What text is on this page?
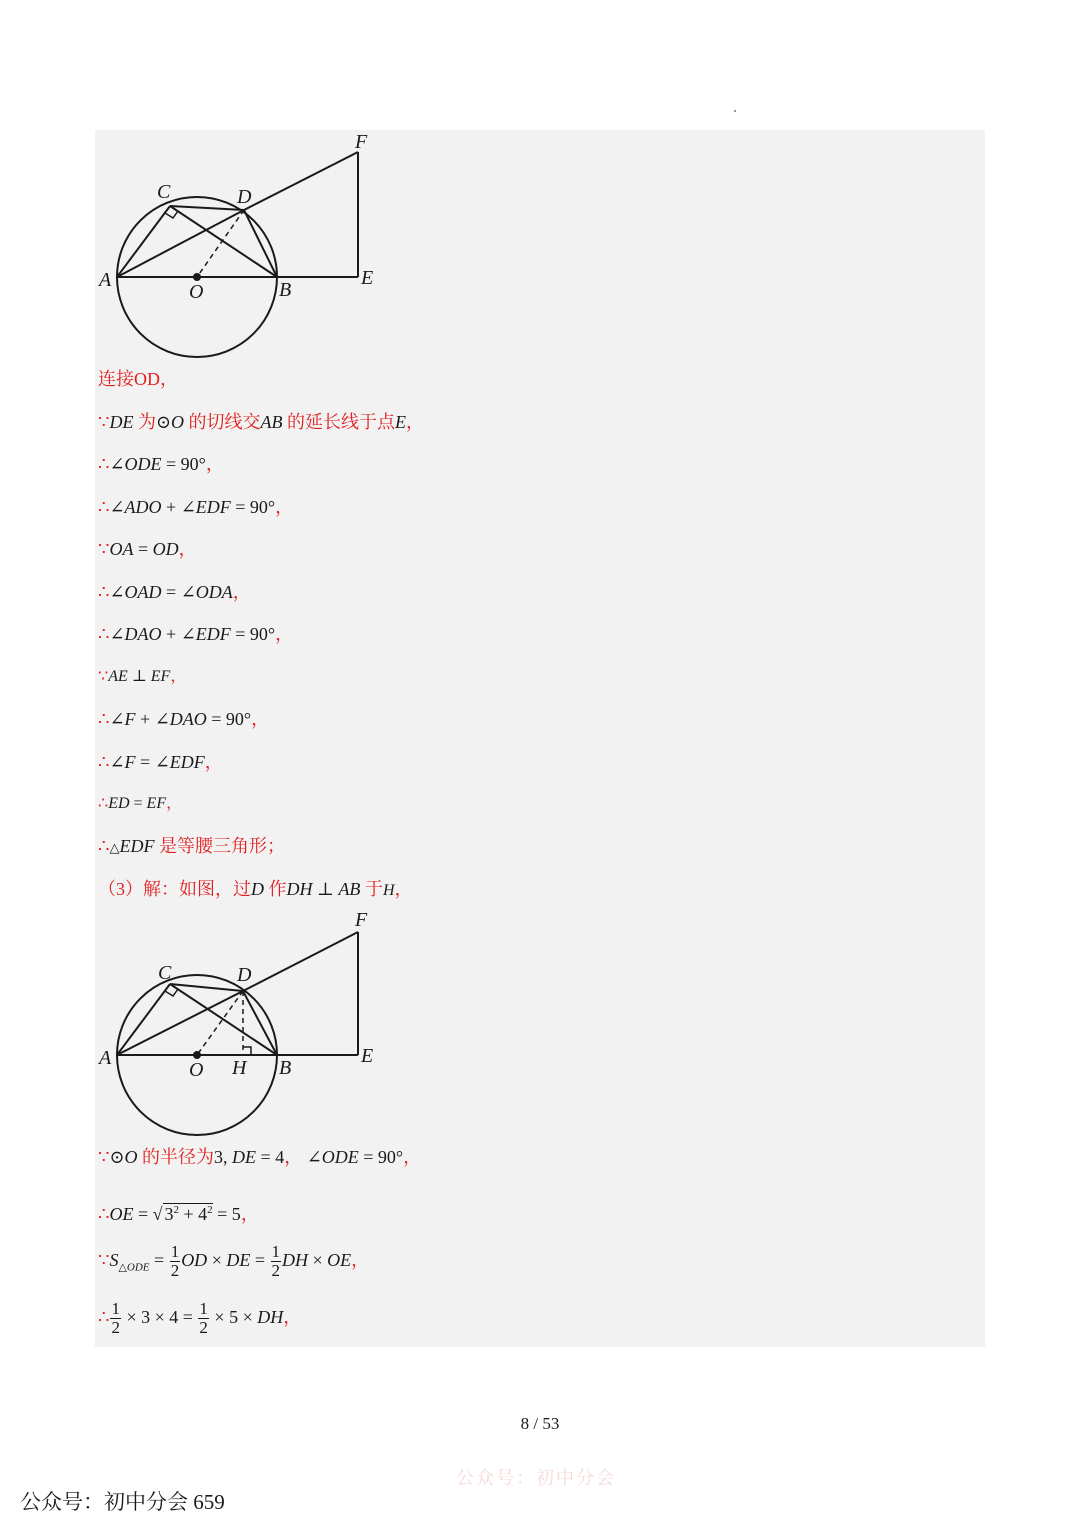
A	B
C	D
E
F
O
连接OD，
∵DE 为⊙O 的切线交AB 的延长线于点E，
∴∠ODE = 90°，
∴∠ADO + ∠EDF = 90°，
∵OA = OD，
∴∠OAD = ∠ODA，
∴∠DAO + ∠EDF = 90°，
∵AE ⊥ EF，
∴∠F + ∠DAO = 90°，
∴∠F = ∠EDF，
∴ED = EF，
∴△EDF 是等腰三角形；
（3）解：如图，过D 作DH ⊥ AB 于H，
A	B
C	D
E
F
O H
∵⊙O 的半径为3, DE = 4， ∠ODE = 90°，
∴OE = √ $3^2 + 4^2 = 5$，
$\because S_{\triangle ODE} = \frac{1}{2}$ OD × DE = $\frac{1}{2}$ DH × OE，
∴ $\frac{1}{2} \times 3 \times 4 = \frac{1}{2} \times 5$ × DH，
8 / 53
公众号：初中分会
公众号：初中分会 659
